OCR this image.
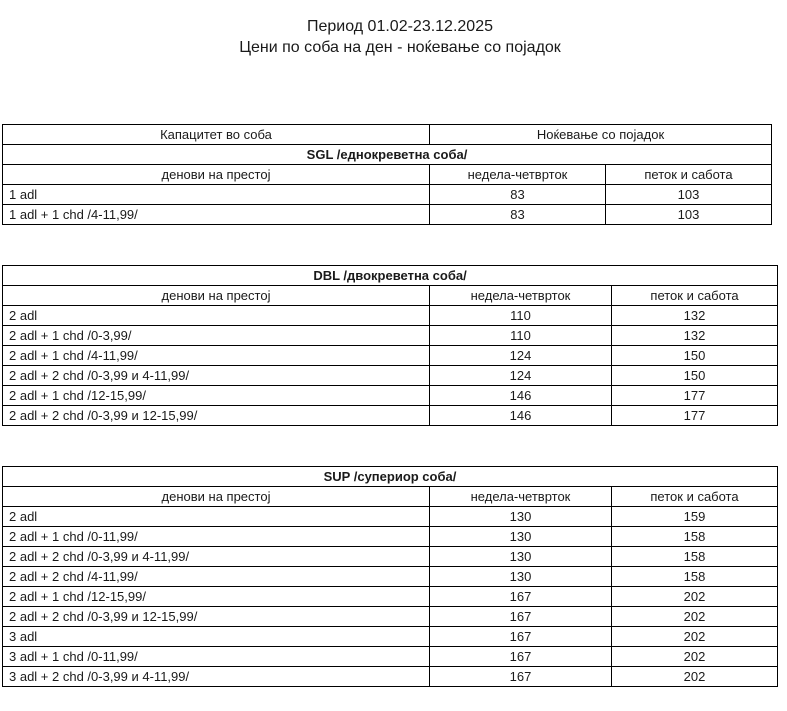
Период 01.02-23.12.2025
Цени по соба на ден - ноќевање со појадок
Капацитет во соба	Ноќевање со појадок	
SGL /еднокреветна соба/		
денови на престој	недела-четврток	петок и сабота
1 adl	83	103
1 adl + 1 chd /4-11,99/	83	103
DBL /двокреветна соба/		
денови на престој	недела-четврток	петок и сабота
2 adl	110	132
2 adl + 1 chd /0-3,99/	110	132
2 adl + 1 chd /4-11,99/	124	150
2 adl + 2 chd /0-3,99 и 4-11,99/	124	150
2 adl + 1 chd /12-15,99/	146	177
2 adl + 2 chd /0-3,99 и 12-15,99/	146	177
SUP /супериор соба/		
денови на престој	недела-четврток	петок и сабота
2 adl	130	159
2 adl + 1 chd /0-11,99/	130	158
2 adl + 2 chd /0-3,99 и 4-11,99/	130	158
2 adl + 2 chd /4-11,99/	130	158
2 adl + 1 chd /12-15,99/	167	202
2 adl + 2 chd /0-3,99 и 12-15,99/	167	202
3 adl	167	202
3 adl + 1 chd /0-11,99/	167	202
3 adl + 2 chd /0-3,99 и 4-11,99/	167	202
